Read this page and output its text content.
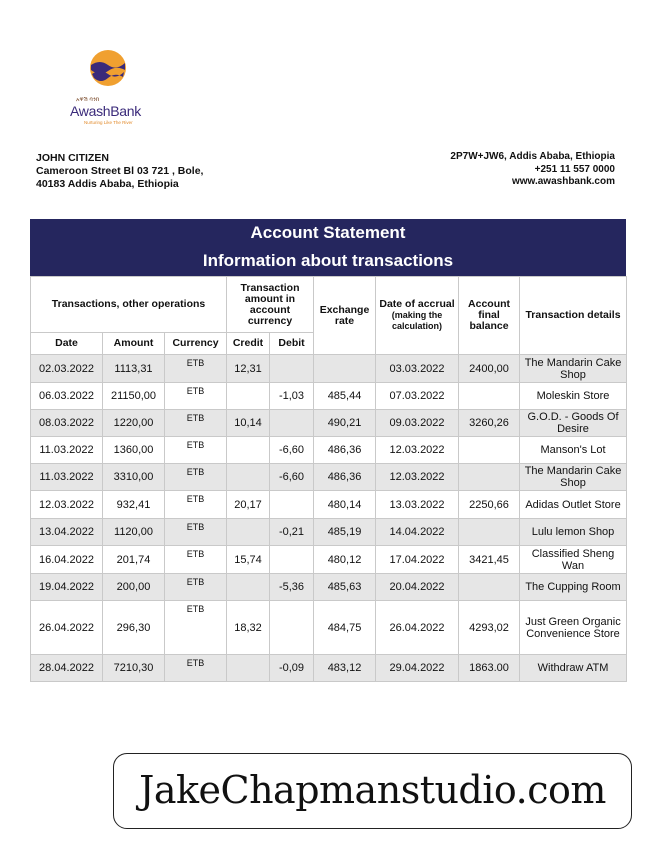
አዋሽ ባንክ
AwashBank
Nurturing Like The River
JOHN CITIZEN
Cameroon Street Bl 03 721 , Bole,
40183 Addis Ababa, Ethiopia
2P7W+JW6, Addis Ababa, Ethiopia
+251 11 557 0000
www.awashbank.com
Account Statement
Information about transactions
Transactions, other operations			Transaction amount in account currency		Exchange rate	Date of accrual
(making the calculation)	Account final balance	Transaction details
Date	Amount	Currency	Credit	Debit				
02.03.2022	1113,31	ETB	12,31			03.03.2022	2400,00	The Mandarin Cake Shop
06.03.2022	21150,00	ETB		-1,03	485,44	07.03.2022		Moleskin Store
08.03.2022	1220,00	ETB	10,14		490,21	09.03.2022	3260,26	G.O.D. - Goods Of Desire
11.03.2022	1360,00	ETB		-6,60	486,36	12.03.2022		Manson's Lot
11.03.2022	3310,00	ETB		-6,60	486,36	12.03.2022		The Mandarin Cake Shop
12.03.2022	932,41	ETB	20,17		480,14	13.03.2022	2250,66	Adidas Outlet Store
13.04.2022	1120,00	ETB		-0,21	485,19	14.04.2022		Lulu lemon Shop
16.04.2022	201,74	ETB	15,74		480,12	17.04.2022	3421,45	Classified Sheng Wan
19.04.2022	200,00	ETB		-5,36	485,63	20.04.2022		The Cupping Room
26.04.2022	296,30	ETB	18,32		484,75	26.04.2022	4293,02	Just Green Organic Convenience Store
28.04.2022	7210,30	ETB		-0,09	483,12	29.04.2022	1863.00	Withdraw ATM
JakeChapmanstudio.com
